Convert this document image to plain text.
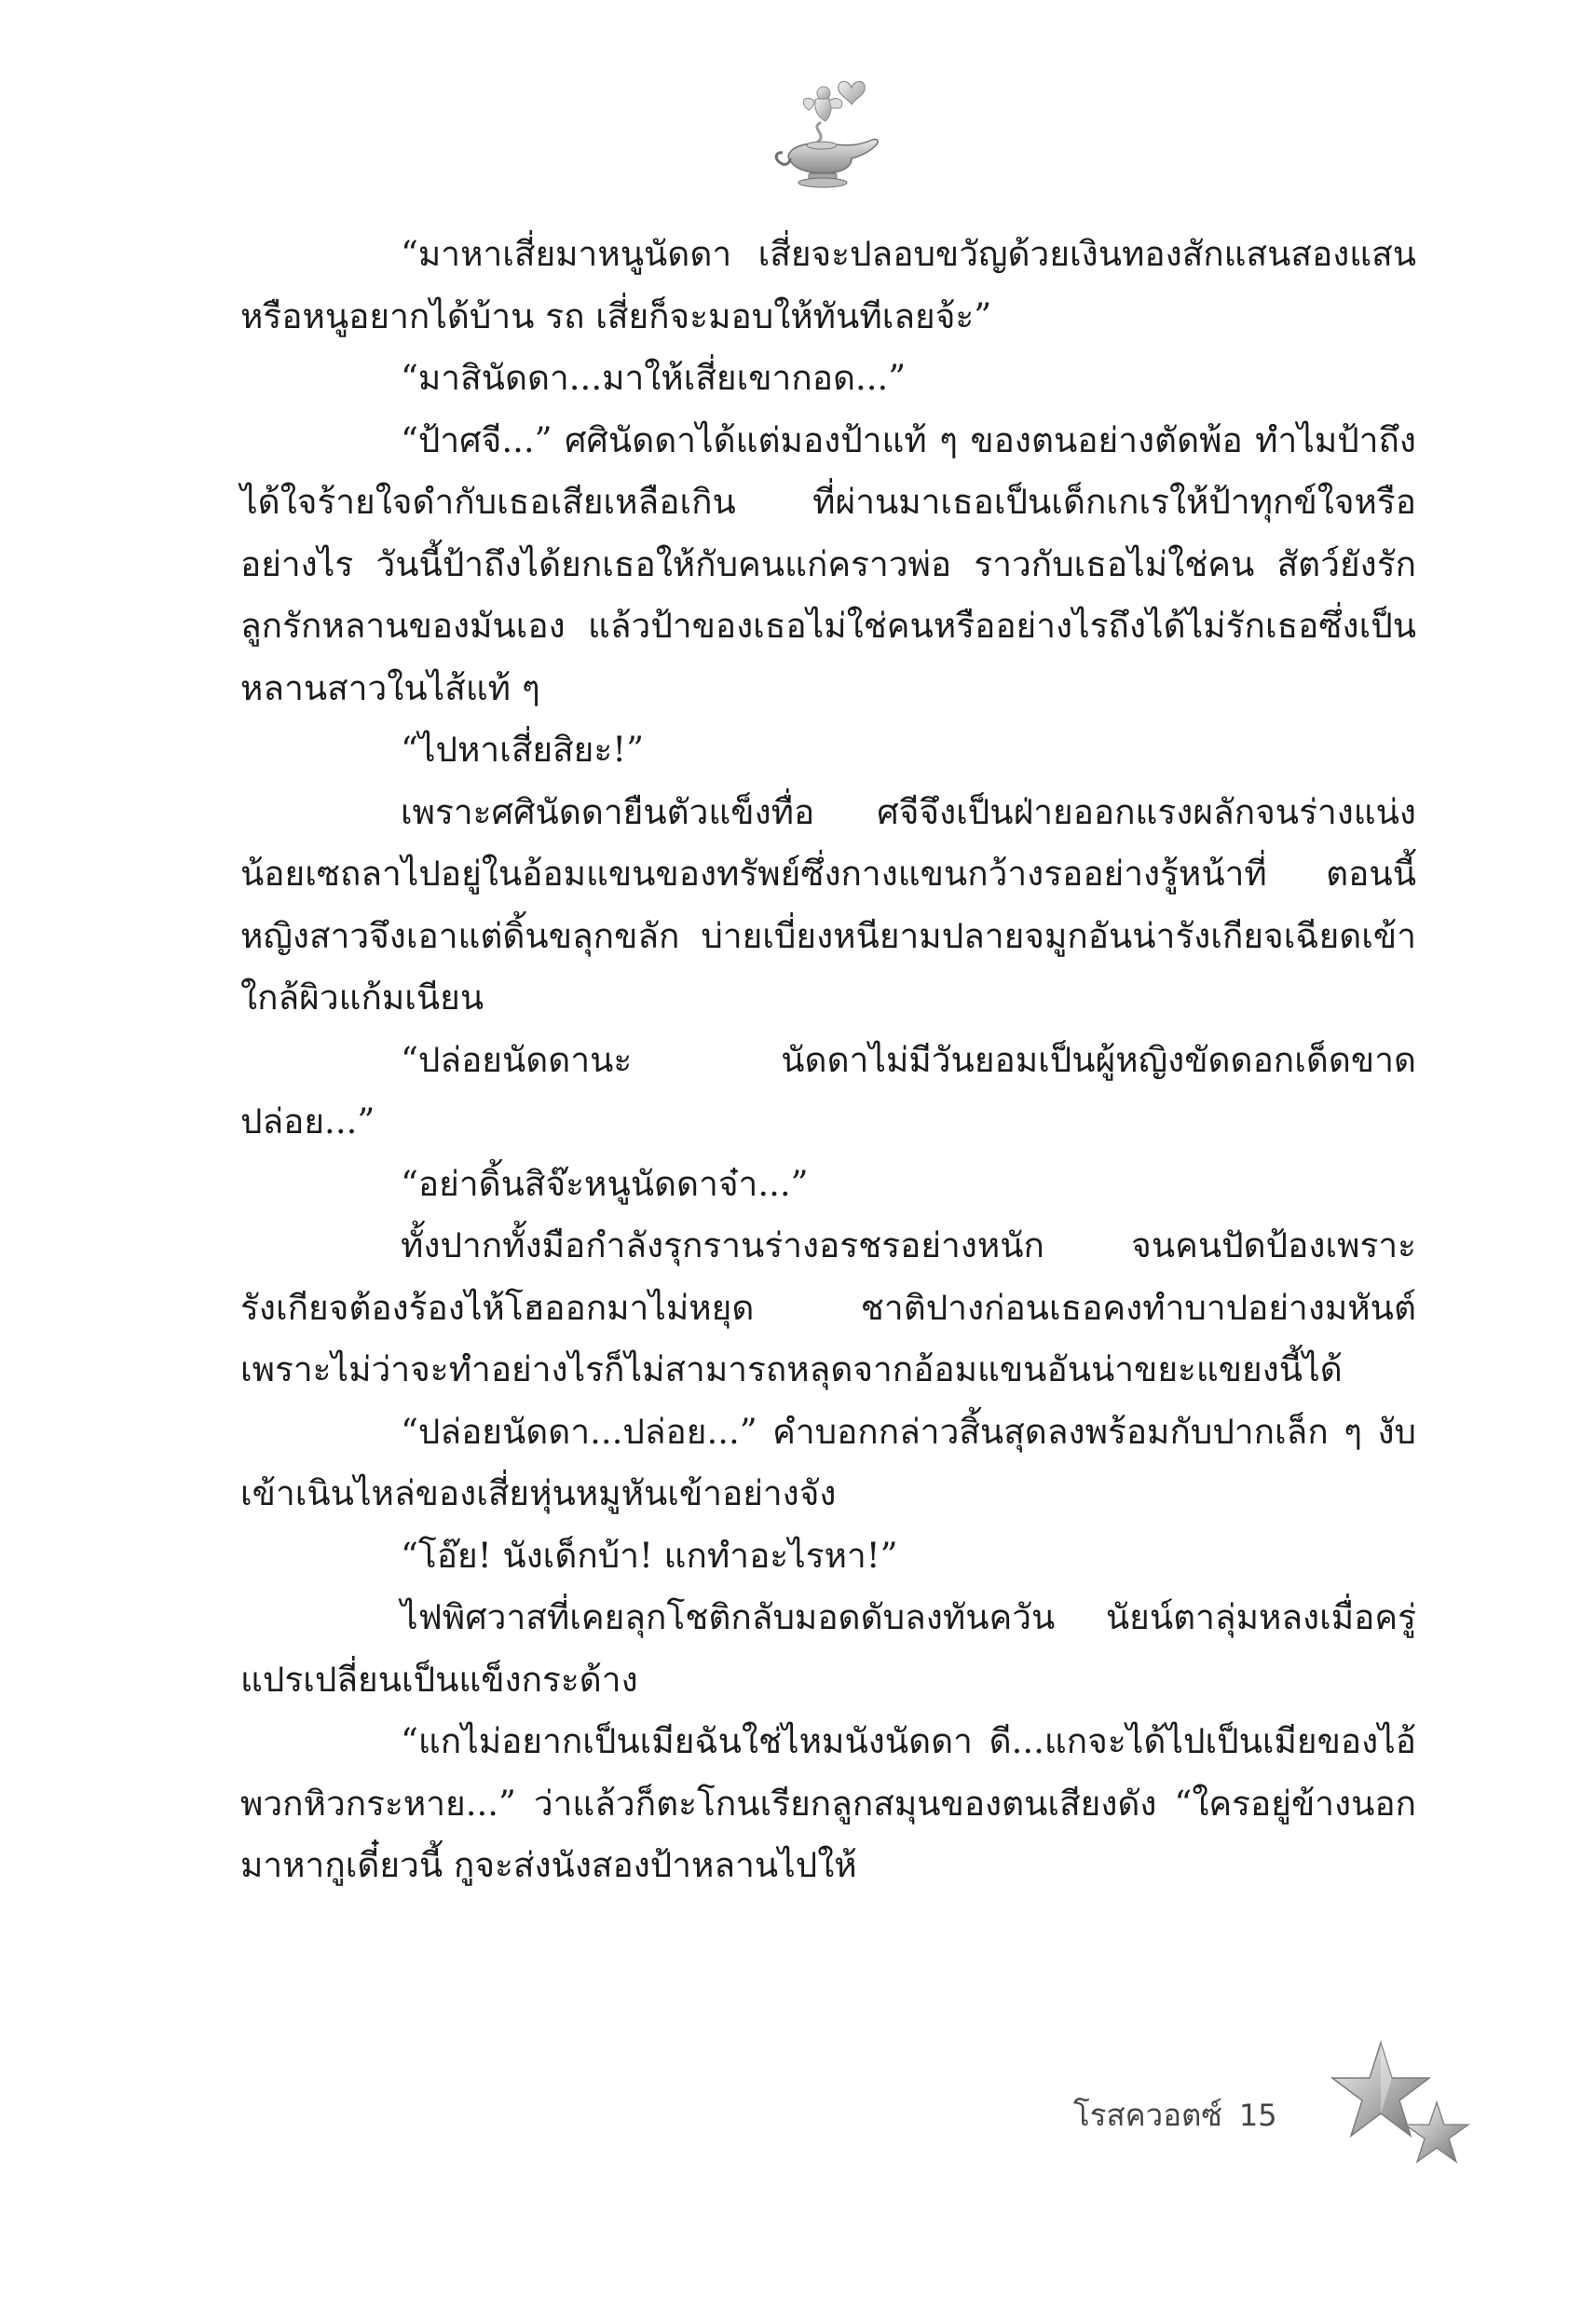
“มาหาเสี่ยมาหนูนัดดา เสี่ยจะปลอบขวัญด้วยเงินทองสักแสนสองแสน หรือหนูอยากได้บ้าน รถ เสี่ยก็จะมอบให้ทันทีเลยจ้ะ”

“มาสินัดดา...มาให้เสี่ยเขากอด...”

“ป้าศจี...” ศศินัดดาได้แต่มองป้าแท้ ๆ ของตนอย่างตัดพ้อ ทำไมป้าถึงได้ใจร้ายใจดำกับเธอเสียเหลือเกิน ที่ผ่านมาเธอเป็นเด็กเกเรให้ป้าทุกข์ใจหรืออย่างไร วันนี้ป้าถึงได้ยกเธอให้กับคนแก่คราวพ่อ ราวกับเธอไม่ใช่คน สัตว์ยังรักลูกรักหลานของมันเอง แล้วป้าของเธอไม่ใช่คนหรืออย่างไรถึงได้ไม่รักเธอซึ่งเป็นหลานสาวในไส้แท้ ๆ

“ไปหาเสี่ยสิยะ!”

เพราะศศินัดดายืนตัวแข็งทื่อ ศจีจึงเป็นฝ่ายออกแรงผลักจนร่างแน่งน้อยเซถลาไปอยู่ในอ้อมแขนของทรัพย์ซึ่งกางแขนกว้างรออย่างรู้หน้าที่ ตอนนี้หญิงสาวจึงเอาแต่ดิ้นขลุกขลัก บ่ายเบี่ยงหนียามปลายจมูกอันน่ารังเกียจเฉียดเข้าใกล้ผิวแก้มเนียน

“ปล่อยนัดดานะ นัดดาไม่มีวันยอมเป็นผู้หญิงขัดดอกเด็ดขาด ปล่อย...”

“อย่าดิ้นสิจ๊ะหนูนัดดาจ๋า...”

ทั้งปากทั้งมือกำลังรุกรานร่างอรชรอย่างหนัก จนคนปัดป้องเพราะรังเกียจต้องร้องไห้โฮออกมาไม่หยุด ชาติปางก่อนเธอคงทำบาปอย่างมหันต์ เพราะไม่ว่าจะทำอย่างไรก็ไม่สามารถหลุดจากอ้อมแขนอันน่าขยะแขยงนี้ได้

“ปล่อยนัดดา...ปล่อย...” คำบอกกล่าวสิ้นสุดลงพร้อมกับปากเล็ก ๆ งับเข้าเนินไหล่ของเสี่ยหุ่นหมูหันเข้าอย่างจัง

“โอ๊ย! นังเด็กบ้า! แกทำอะไรหา!”

ไฟพิศวาสที่เคยลุกโชติกลับมอดดับลงทันควัน นัยน์ตาลุ่มหลงเมื่อครู่แปรเปลี่ยนเป็นแข็งกระด้าง

“แกไม่อยากเป็นเมียฉันใช่ไหมนังนัดดา ดี...แกจะได้ไปเป็นเมียของไอ้พวกหิวกระหาย...” ว่าแล้วก็ตะโกนเรียกลูกสมุนของตนเสียงดัง “ใครอยู่ข้างนอก มาหากูเดี๋ยวนี้ กูจะส่งนังสองป้าหลานไปให้

โรสควอตซ์ 15
